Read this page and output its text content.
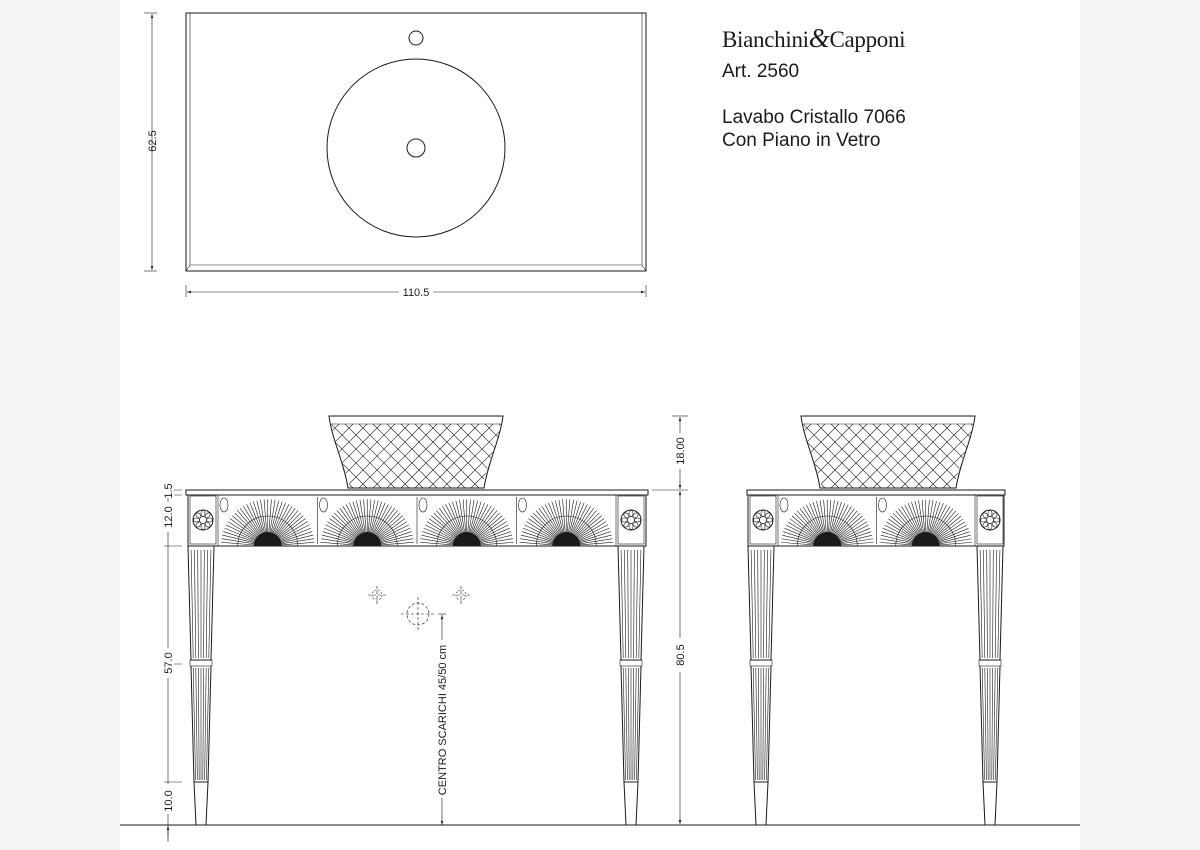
62.5
110.5
CENTRO SCARICHI 45/50 cm
1.5
12.0
57.0
10.0
18.00
80.5
Bianchini&Capponi
Art. 2560
Lavabo Cristallo 7066
Con Piano in Vetro
